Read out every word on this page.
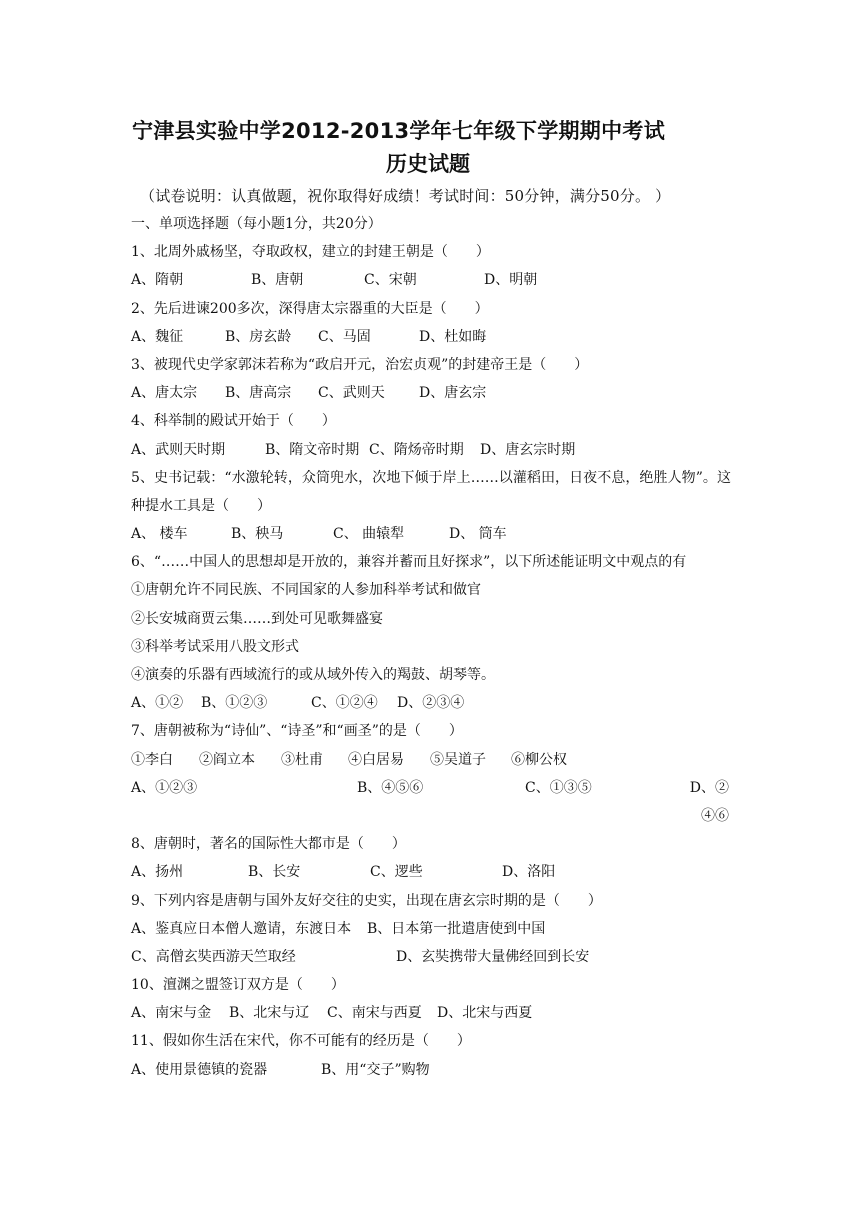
宁津县实验中学2012-2013学年七年级下学期期中考试
历史试题
（试卷说明：认真做题，祝你取得好成绩！考试时间：50分钟，满分50分。 ）
一、单项选择题（每小题1分，共20分）
1、北周外戚杨坚，夺取政权，建立的封建王朝是（　　）
A、隋朝	B、唐朝	C、宋朝	D、明朝
2、先后进谏200多次，深得唐太宗器重的大臣是（　　）
A、魏征	B、房玄龄	C、马固	D、杜如晦
3、被现代史学家郭沫若称为“政启开元，治宏贞观”的封建帝王是（　　）
A、唐太宗	B、唐高宗	C、武则天	D、唐玄宗
4、科举制的殿试开始于（　　）
A、武则天时期	B、隋文帝时期 C、隋炀帝时期	D、唐玄宗时期
5、史书记载：“水激轮转，众筒兜水，次地下倾于岸上……以灌稻田，日夜不息，绝胜人物”。这种提水工具是（　　）
A、 楼车	B、秧马	C、 曲辕犁	D、 筒车
6、“……中国人的思想却是开放的，兼容并蓄而且好探求”，以下所述能证明文中观点的有
①唐朝允许不同民族、不同国家的人参加科举考试和做官
②长安城商贾云集……到处可见歌舞盛宴
③科举考试采用八股文形式
④演奏的乐器有西域流行的或从域外传入的羯鼓、胡琴等。
A、①②	B、①②③	C、①②④	D、②③④
7、唐朝被称为“诗仙”、“诗圣”和“画圣”的是（　　）
①李白	②阎立本	③杜甫	④白居易	⑤吴道子	⑥柳公权
A、①②③	B、④⑤⑥	C、①③⑤	D、②④⑥
8、唐朝时，著名的国际性大都市是（　　）
A、扬州	B、长安	C、逻些	D、洛阳
9、下列内容是唐朝与国外友好交往的史实，出现在唐玄宗时期的是（　　）
A、鉴真应日本僧人邀请，东渡日本	B、日本第一批遣唐使到中国
C、高僧玄奘西游天竺取经	D、玄奘携带大量佛经回到长安
10、澶渊之盟签订双方是（　　）
A、南宋与金	B、北宋与辽	C、南宋与西夏	D、北宋与西夏
11、假如你生活在宋代，你不可能有的经历是（　　）
A、使用景德镇的瓷器	B、用“交子”购物
